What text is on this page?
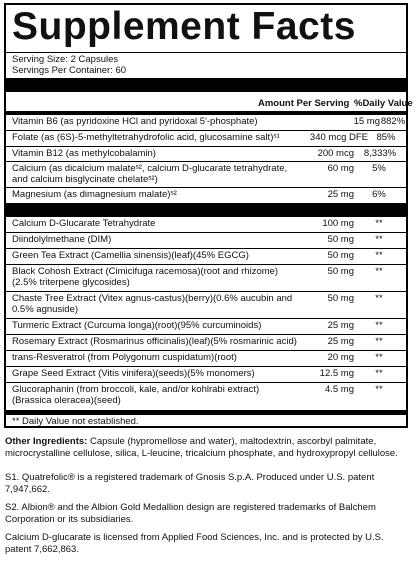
Supplement Facts
Serving Size: 2 Capsules
Servings Per Container: 60
Amount Per Serving %Daily Value
Vitamin B6 (as pyridoxine HCl and pyridoxal 5′-phosphate)	15 mg 882%
Folate (as (6S)-5-methyltetrahydrofolic acid, glucosamine salt)ˢ¹	340 mcg DFE 85%
Vitamin B12 (as methylcobalamin)	200 mcg	8,333%
Calcium (as dicalcium malateˢ², calcium D-glucarate tetrahydrate, and calcium bisglycinate chelateˢ²)
60 mg	5%
Magnesium (as dimagnesium malate)ˢ²	25 mg	6%
Calcium D-Glucarate Tetrahydrate	100 mg	**
Diindolylmethane (DIM)	50 mg	**
Green Tea Extract (Camellia sinensis)(leaf)(45% EGCG)	50 mg	**
Black Cohosh Extract (Cimicifuga racemosa)(root and rhizome)(2.5% triterpene glycosides)
50 mg	**
Chaste Tree Extract (Vitex agnus-castus)(berry)(0.6% aucubin and 0.5% agnuside)
50 mg	**
Turmeric Extract (Curcuma longa)(root)(95% curcuminoids)	25 mg	**
Rosemary Extract (Rosmarinus officinalis)(leaf)(5% rosmarinic acid)	25 mg	**
trans-Resveratrol (from Polygonum cuspidatum)(root)	20 mg	**
Grape Seed Extract (Vitis vinifera)(seeds)(5% monomers)	12.5 mg	**
Glucoraphanin (from broccoli, kale, and/or kohlrabi extract)(Brassica oleracea)(seed)
4.5 mg	**
** Daily Value not established.
Other Ingredients: Capsule (hypromellose and water), maltodextrin, ascorbyl palmitate, microcrystalline cellulose, silica, L-leucine, tricalcium phosphate, and hydroxypropyl cellulose.
S1. Quatrefolic® is a registered trademark of Gnosis S.p.A. Produced under U.S. patent 7,947,662.
S2. Albion® and the Albion Gold Medallion design are registered trademarks of Balchem Corporation or its subsidiaries.
Calcium D-glucarate is licensed from Applied Food Sciences, Inc. and is protected by U.S. patent 7,662,863.
